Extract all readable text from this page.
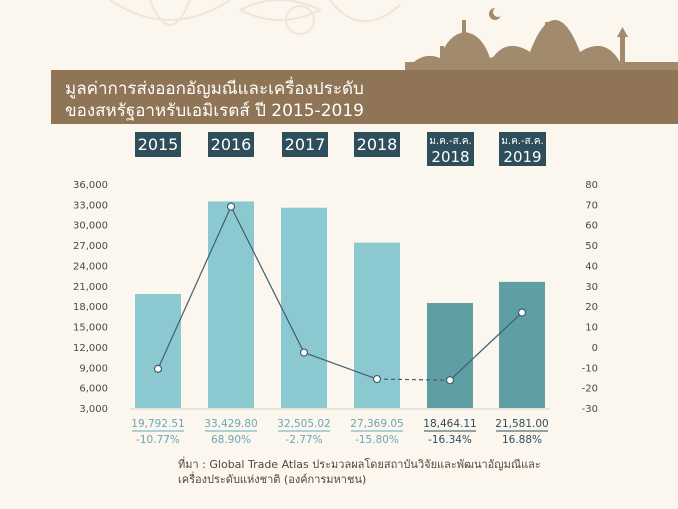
มูลค่าการส่งออกอัญมณีและเครื่องประดับ
ของสหรัฐอาหรับเอมิเรตส์ ปี 2015-2019
2015 2016 2017 2018	ม.ค.-ส.ค.
2018
ม.ค.-ส.ค.
2019
36,000
33,000
30,000
27,000
24,000
21,000
18,000
15,000
12,000
9,000
6,000
3,000
80
70
60
50
40
30
20
10
0
-10
-20
-30
19,792.51
-10.77%
33,429.80
68.90%
32,505.02
-2.77%
27,369.05
-15.80%
18,464.11
-16.34%
21,581.00
16.88%
ที่มา : Global Trade Atlas ประมวลผลโดยสถาบันวิจัยและพัฒนาอัญมณีและ
เครื่องประดับแห่งชาติ (องค์การมหาชน)
